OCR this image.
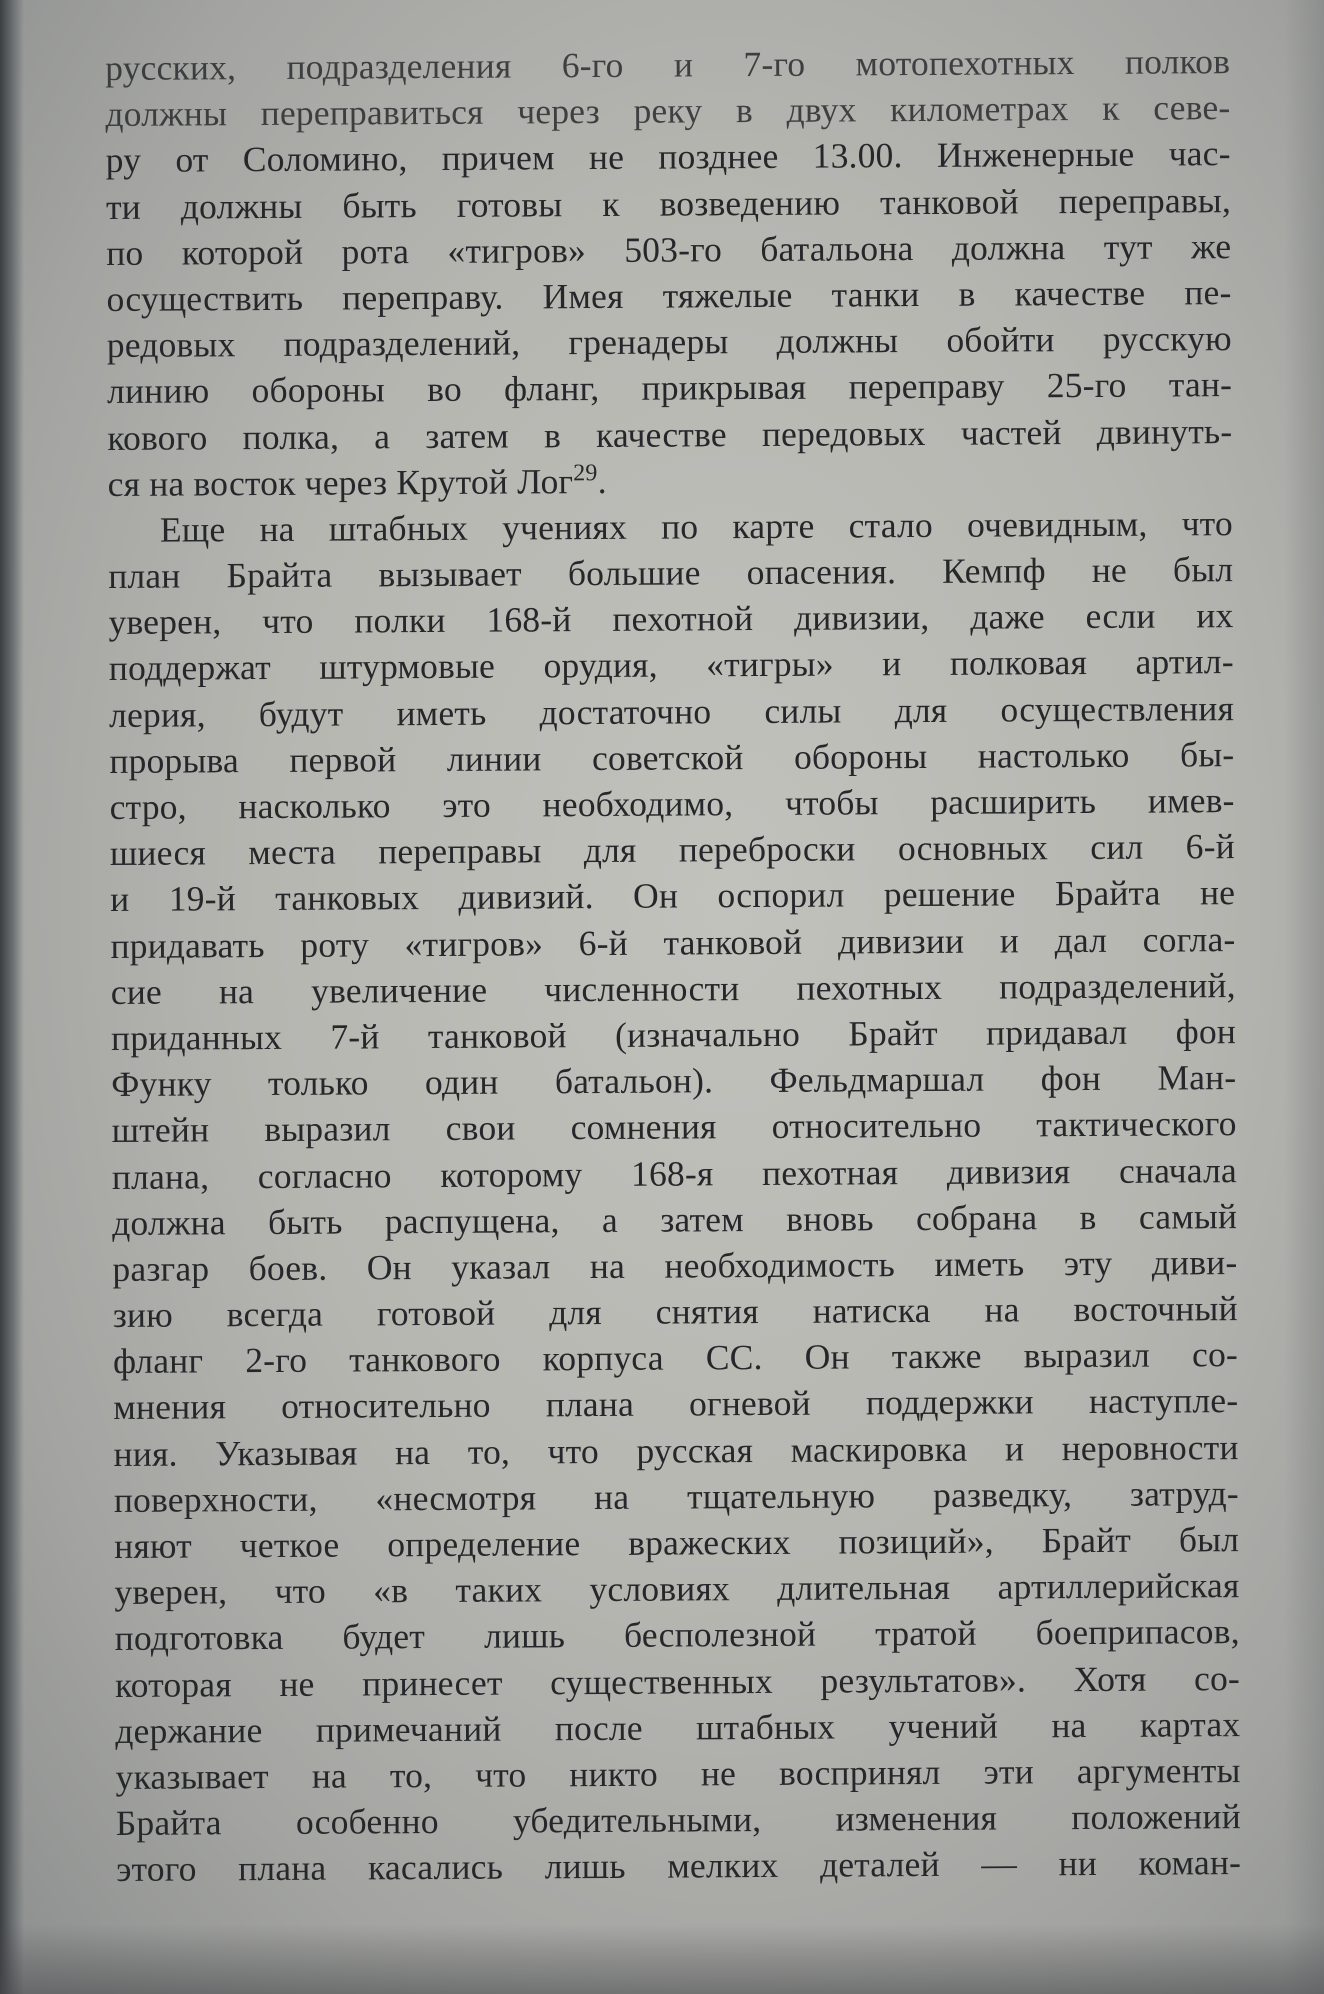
русских, подразделения 6-го и 7-го мотопехотных полков
должны переправиться через реку в двух километрах к севе-
ру от Соломино, причем не позднее 13.00. Инженерные час-
ти должны быть готовы к возведению танковой переправы,
по которой рота «тигров» 503-го батальона должна тут же
осуществить переправу. Имея тяжелые танки в качестве пе-
редовых подразделений, гренадеры должны обойти русскую
линию обороны во фланг, прикрывая переправу 25-го тан-
кового полка, а затем в качестве передовых частей двинуть-
ся на восток через Крутой Лог$^{29}$.
Еще на штабных учениях по карте стало очевидным, что
план Брайта вызывает большие опасения. Кемпф не был
уверен, что полки 168-й пехотной дивизии, даже если их
поддержат штурмовые орудия, «тигры» и полковая артил-
лерия, будут иметь достаточно силы для осуществления
прорыва первой линии советской обороны настолько бы-
стро, насколько это необходимо, чтобы расширить имев-
шиеся места переправы для переброски основных сил 6-й
и 19-й танковых дивизий. Он оспорил решение Брайта не
придавать роту «тигров» 6-й танковой дивизии и дал согла-
сие на увеличение численности пехотных подразделений,
приданных 7-й танковой (изначально Брайт придавал фон
Функу только один батальон). Фельдмаршал фон Ман-
штейн выразил свои сомнения относительно тактического
плана, согласно которому 168-я пехотная дивизия сначала
должна быть распущена, а затем вновь собрана в самый
разгар боев. Он указал на необходимость иметь эту диви-
зию всегда готовой для снятия натиска на восточный
фланг 2-го танкового корпуса СС. Он также выразил со-
мнения относительно плана огневой поддержки наступле-
ния. Указывая на то, что русская маскировка и неровности
поверхности, «несмотря на тщательную разведку, затруд-
няют четкое определение вражеских позиций», Брайт был
уверен, что «в таких условиях длительная артиллерийская
подготовка будет лишь бесполезной тратой боеприпасов,
которая не принесет существенных результатов». Хотя со-
держание примечаний после штабных учений на картах
указывает на то, что никто не воспринял эти аргументы
Брайта особенно убедительными, изменения положений
этого плана касались лишь мелких деталей — ни коман-
